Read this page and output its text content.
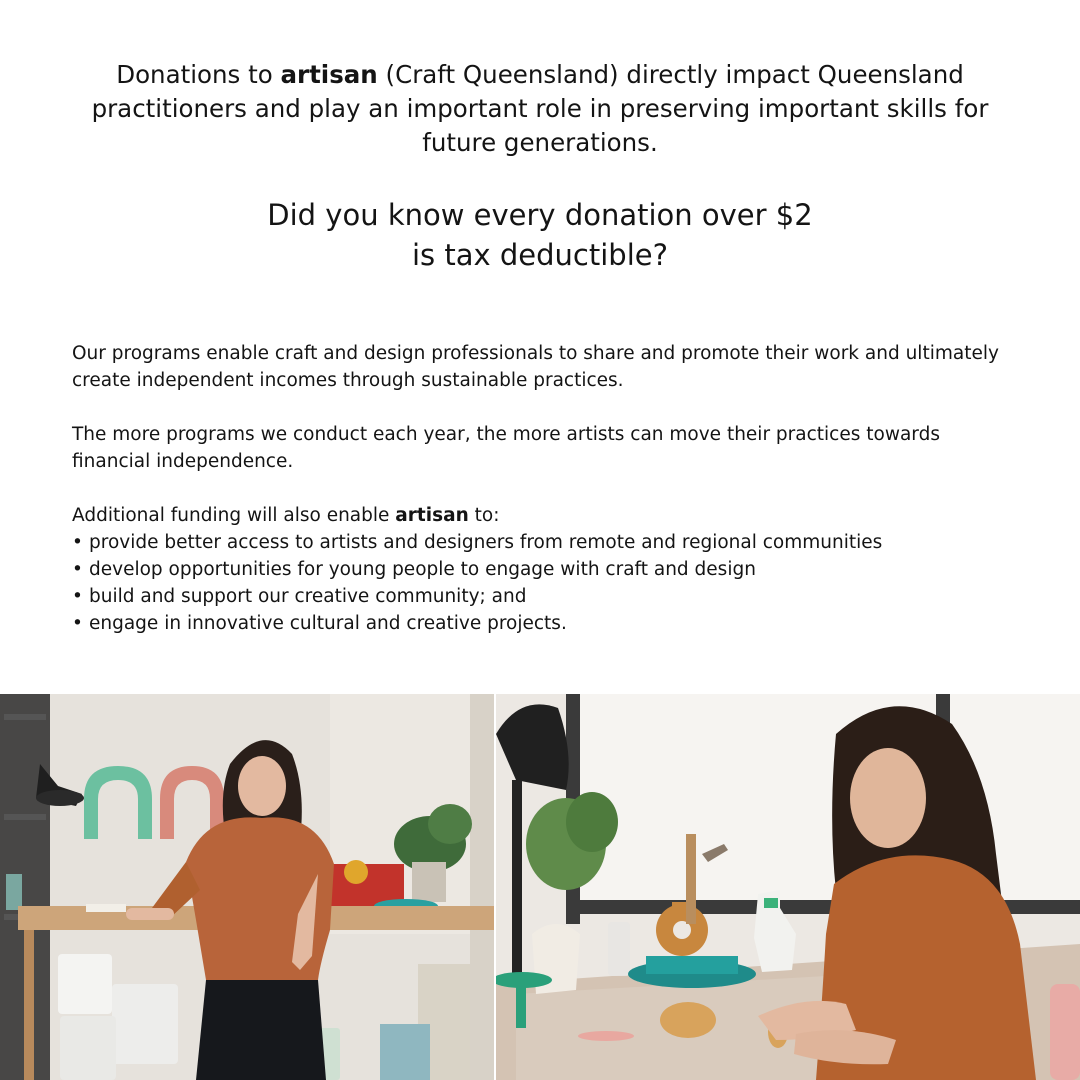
Donations to artisan (Craft Queensland) directly impact Queensland practitioners and play an important role in preserving important skills for future generations.
Did you know every donation over $2
is tax deductible?

Our programs enable craft and design professionals to share and promote their work and ultimately create independent incomes through sustainable practices.

The more programs we conduct each year, the more artists can move their practices towards financial independence.

Additional funding will also enable artisan to:
• provide better access to artists and designers from remote and regional communities
• develop opportunities for young people to engage with craft and design
• build and support our creative community; and
• engage in innovative cultural and creative projects.
